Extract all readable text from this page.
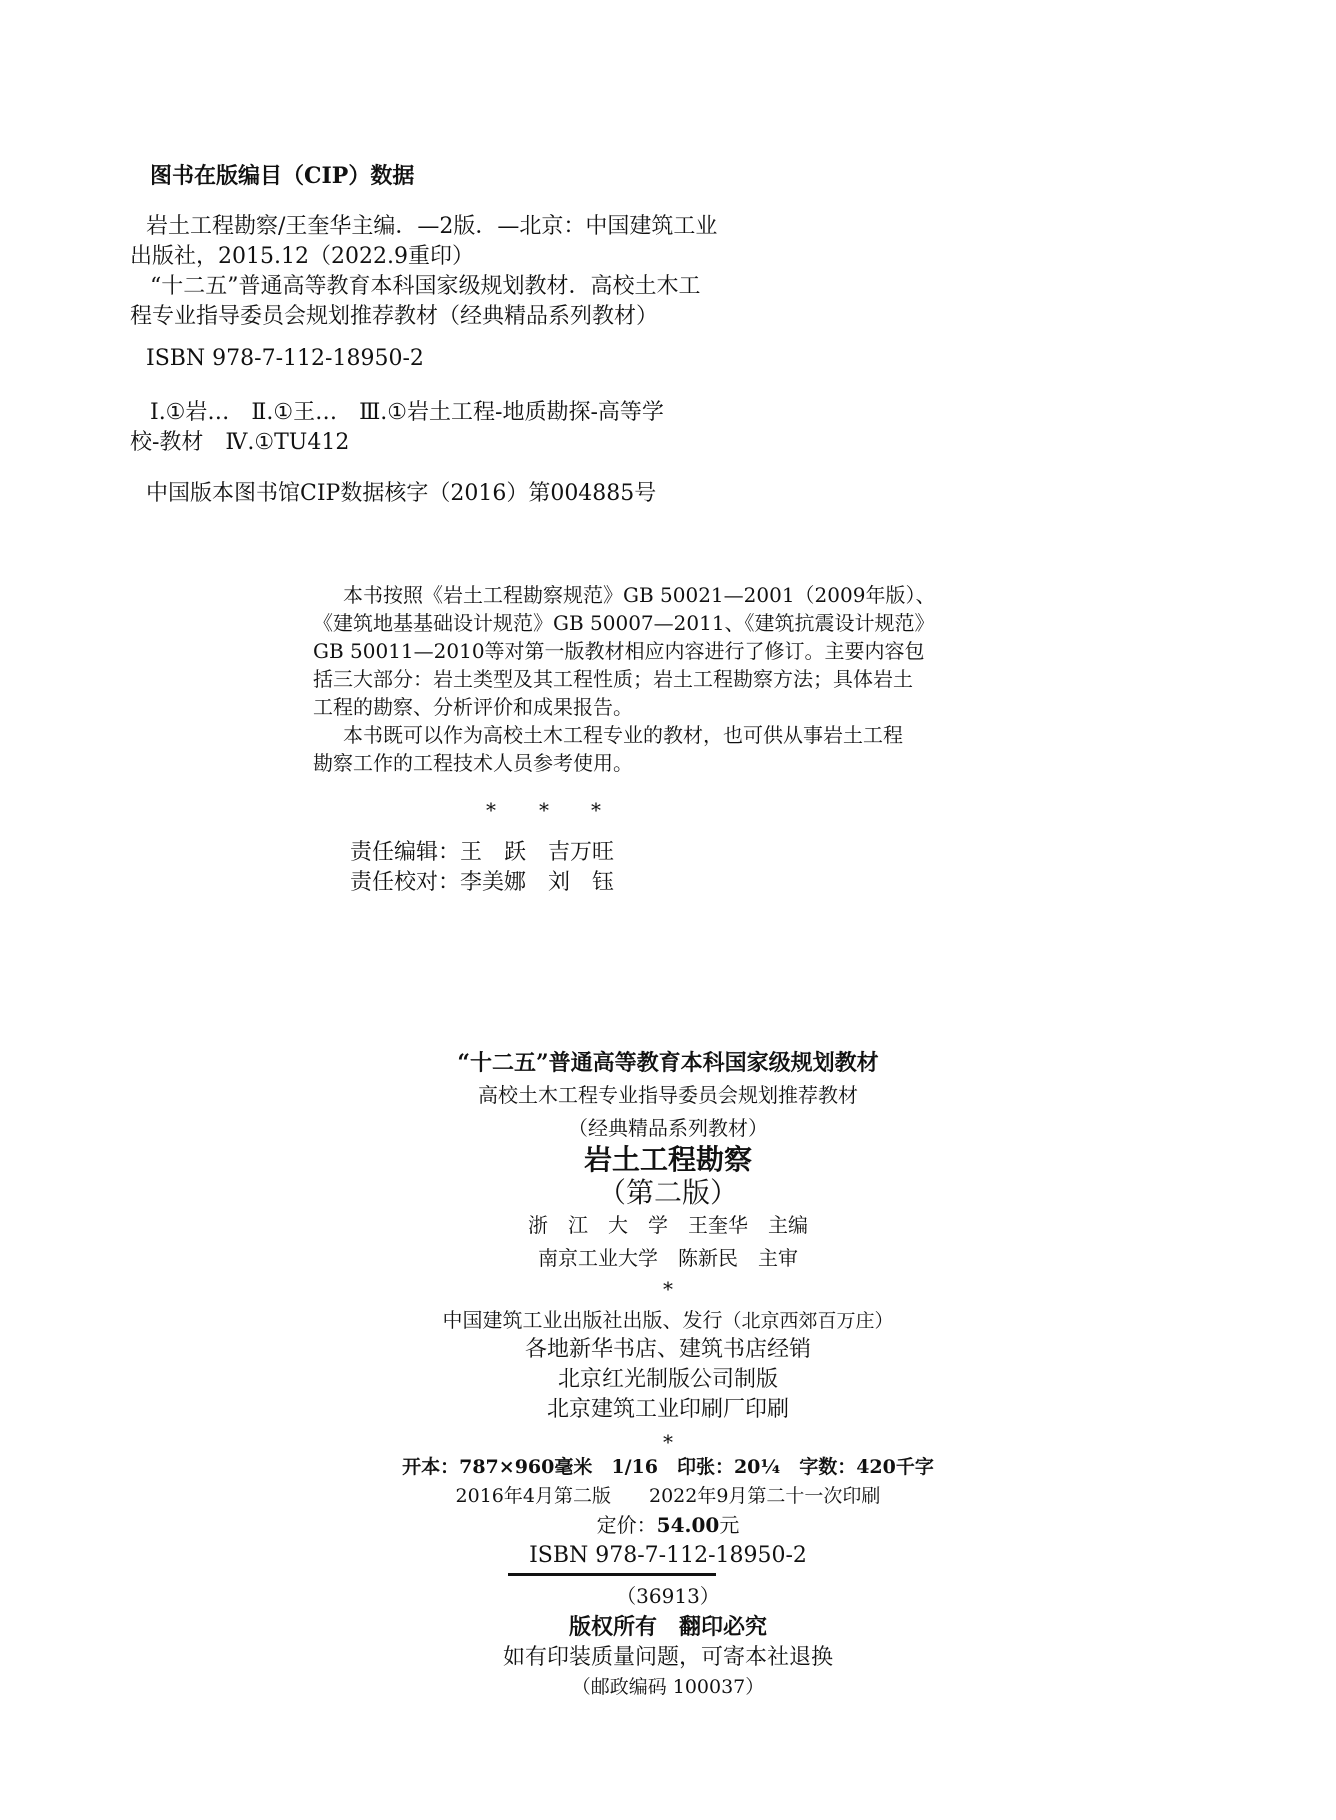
图书在版编目（CIP）数据
岩土工程勘察/王奎华主编．—2版．—北京：中国建筑工业
出版社，2015.12（2022.9重印）
“十二五”普通高等教育本科国家级规划教材．高校土木工
程专业指导委员会规划推荐教材（经典精品系列教材）
ISBN 978-7-112-18950-2
Ⅰ.①岩…　Ⅱ.①王…　Ⅲ.①岩土工程-地质勘探-高等学
校-教材　Ⅳ.①TU412
中国版本图书馆CIP数据核字（2016）第004885号
本书按照《岩土工程勘察规范》GB 50021—2001（2009年版）、
《建筑地基基础设计规范》GB 50007—2011、《建筑抗震设计规范》
GB 50011—2010等对第一版教材相应内容进行了修订。主要内容包
括三大部分：岩土类型及其工程性质；岩土工程勘察方法；具体岩土
工程的勘察、分析评价和成果报告。
本书既可以作为高校土木工程专业的教材，也可供从事岩土工程
勘察工作的工程技术人员参考使用。
* * *
责任编辑：王　跃　吉万旺
责任校对：李美娜　刘　钰
“十二五”普通高等教育本科国家级规划教材
高校土木工程专业指导委员会规划推荐教材
（经典精品系列教材）
岩土工程勘察
（第二版）
浙　江　大　学　王奎华　主编
南京工业大学　陈新民　主审
*
中国建筑工业出版社出版、发行（北京西郊百万庄）
各地新华书店、建筑书店经销
北京红光制版公司制版
北京建筑工业印刷厂印刷
*
开本：787×960毫米　1/16　印张：20¼　字数：420千字
2016年4月第二版　　2022年9月第二十一次印刷
定价：54.00元
ISBN 978-7-112-18950-2
（36913）
版权所有　翻印必究
如有印装质量问题，可寄本社退换
（邮政编码 100037）
